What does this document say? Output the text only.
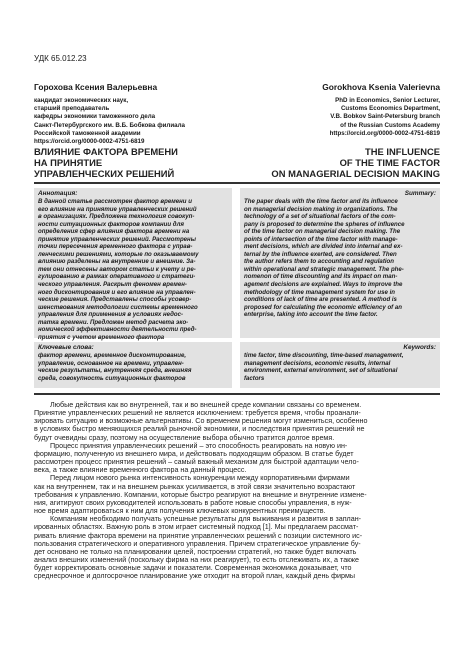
УДК 65.012.23
Горохова Ксения Валерьевна	Gorokhova Ksenia Valerievna
кандидат экономических наук,
старший преподаватель
кафедры экономики таможенного дела
Санкт-Петербургского им. В.Б. Бобкова филиала
Российской таможенной академии
https://orcid.org/0000-0002-4751-6819
PhD in Economics, Senior Lecturer,
Customs Economics Department,
V.B. Bobkov Saint-Petersburg branch
of the Russian Customs Academy
https://orcid.org/0000-0002-4751-6819
ВЛИЯНИЕ ФАКТОРА ВРЕМЕНИ
НА ПРИНЯТИЕ
УПРАВЛЕНЧЕСКИХ РЕШЕНИЙ
THE INFLUENCE
OF THE TIME FACTOR
ON MANAGERIAL DECISION MAKING
Аннотация:
В данной статье рассмотрен фактор времени и
его влияние на принятие управленческих решений
в организациях. Предложена технология совокуп-
ности ситуационных факторов компании для
определения сфер влияния фактора времени на
принятие управленческих решений. Рассмотрены
точки пересечения временного фактора с управ-
ленческими решениями, которые по оказываемому
влиянию разделены на внутренние и внешние. За-
тем они отнесены автором статьи к учету и ре-
гулированию в рамках оперативного и стратеги-
ческого управления. Раскрыт феномен времен-
ного дисконтирования и его влияние на управлен-
ческие решения. Представлены способы усовер-
шенствования методологии системы временного
управления для применения в условиях недос-
татка времени. Предложен метод расчета эко-
номической эффективности деятельности пред-
приятия с учетом временного фактора
Summary:
The paper deals with the time factor and its influence
on managerial decision making in organizations. The
technology of a set of situational factors of the com-
pany is proposed to determine the spheres of influence
of the time factor on managerial decision making. The
points of intersection of the time factor with manage-
ment decisions, which are divided into internal and ex-
ternal by the influence exerted, are considered. Then
the author refers them to accounting and regulation
within operational and strategic management. The phe-
nomenon of time discounting and its impact on man-
agement decisions are explained. Ways to improve the
methodology of time management system for use in
conditions of lack of time are presented. A method is
proposed for calculating the economic efficiency of an
enterprise, taking into account the time factor.
Ключевые слова:
фактор времени, временное дисконтирование,
управление, основанное на времени, управлен-
ческие результаты, внутренняя среда, внешняя
среда, совокупность ситуационных факторов
Keywords:
time factor, time discounting, time-based management,
management decisions, economic results, internal
environment, external environment, set of situational
factors
Любые действия как во внутренней, так и во внешней среде компании связаны со временем.
Принятие управленческих решений не является исключением: требуется время, чтобы проанали-
зировать ситуацию и возможные альтернативы. Со временем решения могут измениться, особенно
в условиях быстро меняющихся реалий рыночной экономики, и последствия принятия решений не
будут очевидны сразу, поэтому на осуществление выбора обычно тратится долгое время.
Процесс принятия управленческих решений – это способность реагировать на новую ин-
формацию, полученную из внешнего мира, и действовать подходящим образом. В статье будет
рассмотрен процесс принятия решений – самый важный механизм для быстрой адаптации чело-
века, а также влияние временного фактора на данный процесс.
Перед лицом нового рынка интенсивность конкуренции между корпоративными фирмами
как на внутреннем, так и на внешнем рынках усиливается, в этой связи значительно возрастают
требования к управлению. Компании, которые быстро реагируют на внешние и внутренние измене-
ния, агитируют своих руководителей использовать в работе новые способы управления, в нуж-
ное время адаптироваться к ним для получения ключевых конкурентных преимуществ.
Компаниям необходимо получать успешные результаты для выживания и развития в заплан-
ированных областях. Важную роль в этом играет системный подход [1]. Мы предлагаем рассмат-
ривать влияние фактора времени на принятие управленческих решений с позиции системного ис-
пользования стратегического и оперативного управления. Причем стратегическое управление бу-
дет основано не только на планировании целей, построении стратегий, но также будет включать
анализ внешних изменений (поскольку фирма на них реагирует), то есть отслеживать их, а также
будет корректировать основные задачи и показатели. Современная экономика доказывает, что
среднесрочное и долгосрочное планирование уже отходит на второй план, каждый день фирмы
